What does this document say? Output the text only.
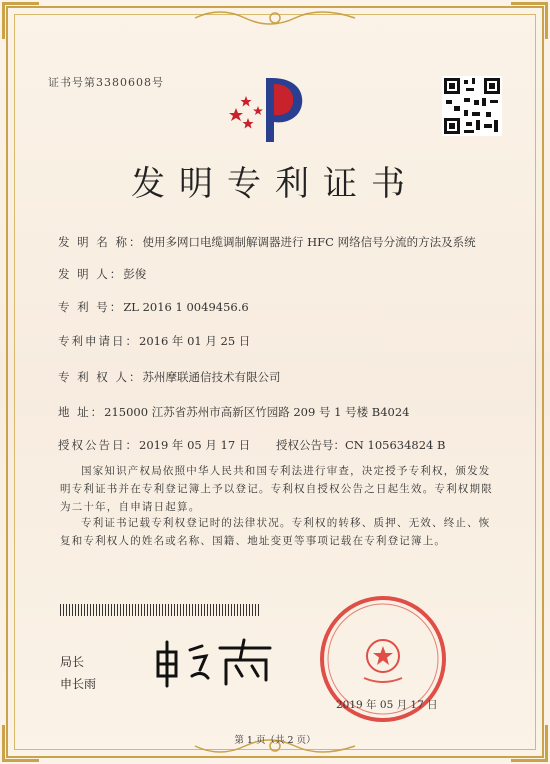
证书号第3380608号
发明专利证书
发 明 名 称：使用多网口电缆调制解调器进行 HFC 网络信号分流的方法及系统
发 明 人：彭俊
专 利 号：ZL 2016 1 0049456.6
专利申请日：2016 年 01 月 25 日
专 利 权 人：苏州摩联通信技术有限公司
地 址：215000 江苏省苏州市高新区竹园路 209 号 1 号楼 B4024
授权公告日：2019 年 05 月 17 日 授权公告号：CN 105634824 B
国家知识产权局依照中华人民共和国专利法进行审查，决定授予专利权，颁发发明专利证书并在专利登记簿上予以登记。专利权自授权公告之日起生效。专利权期限为二十年，自申请日起算。
专利证书记载专利权登记时的法律状况。专利权的转移、质押、无效、终止、恢复和专利权人的姓名或名称、国籍、地址变更等事项记载在专利登记簿上。
局长
申长雨
2019 年 05 月 17 日
第 1 页（共 2 页）
